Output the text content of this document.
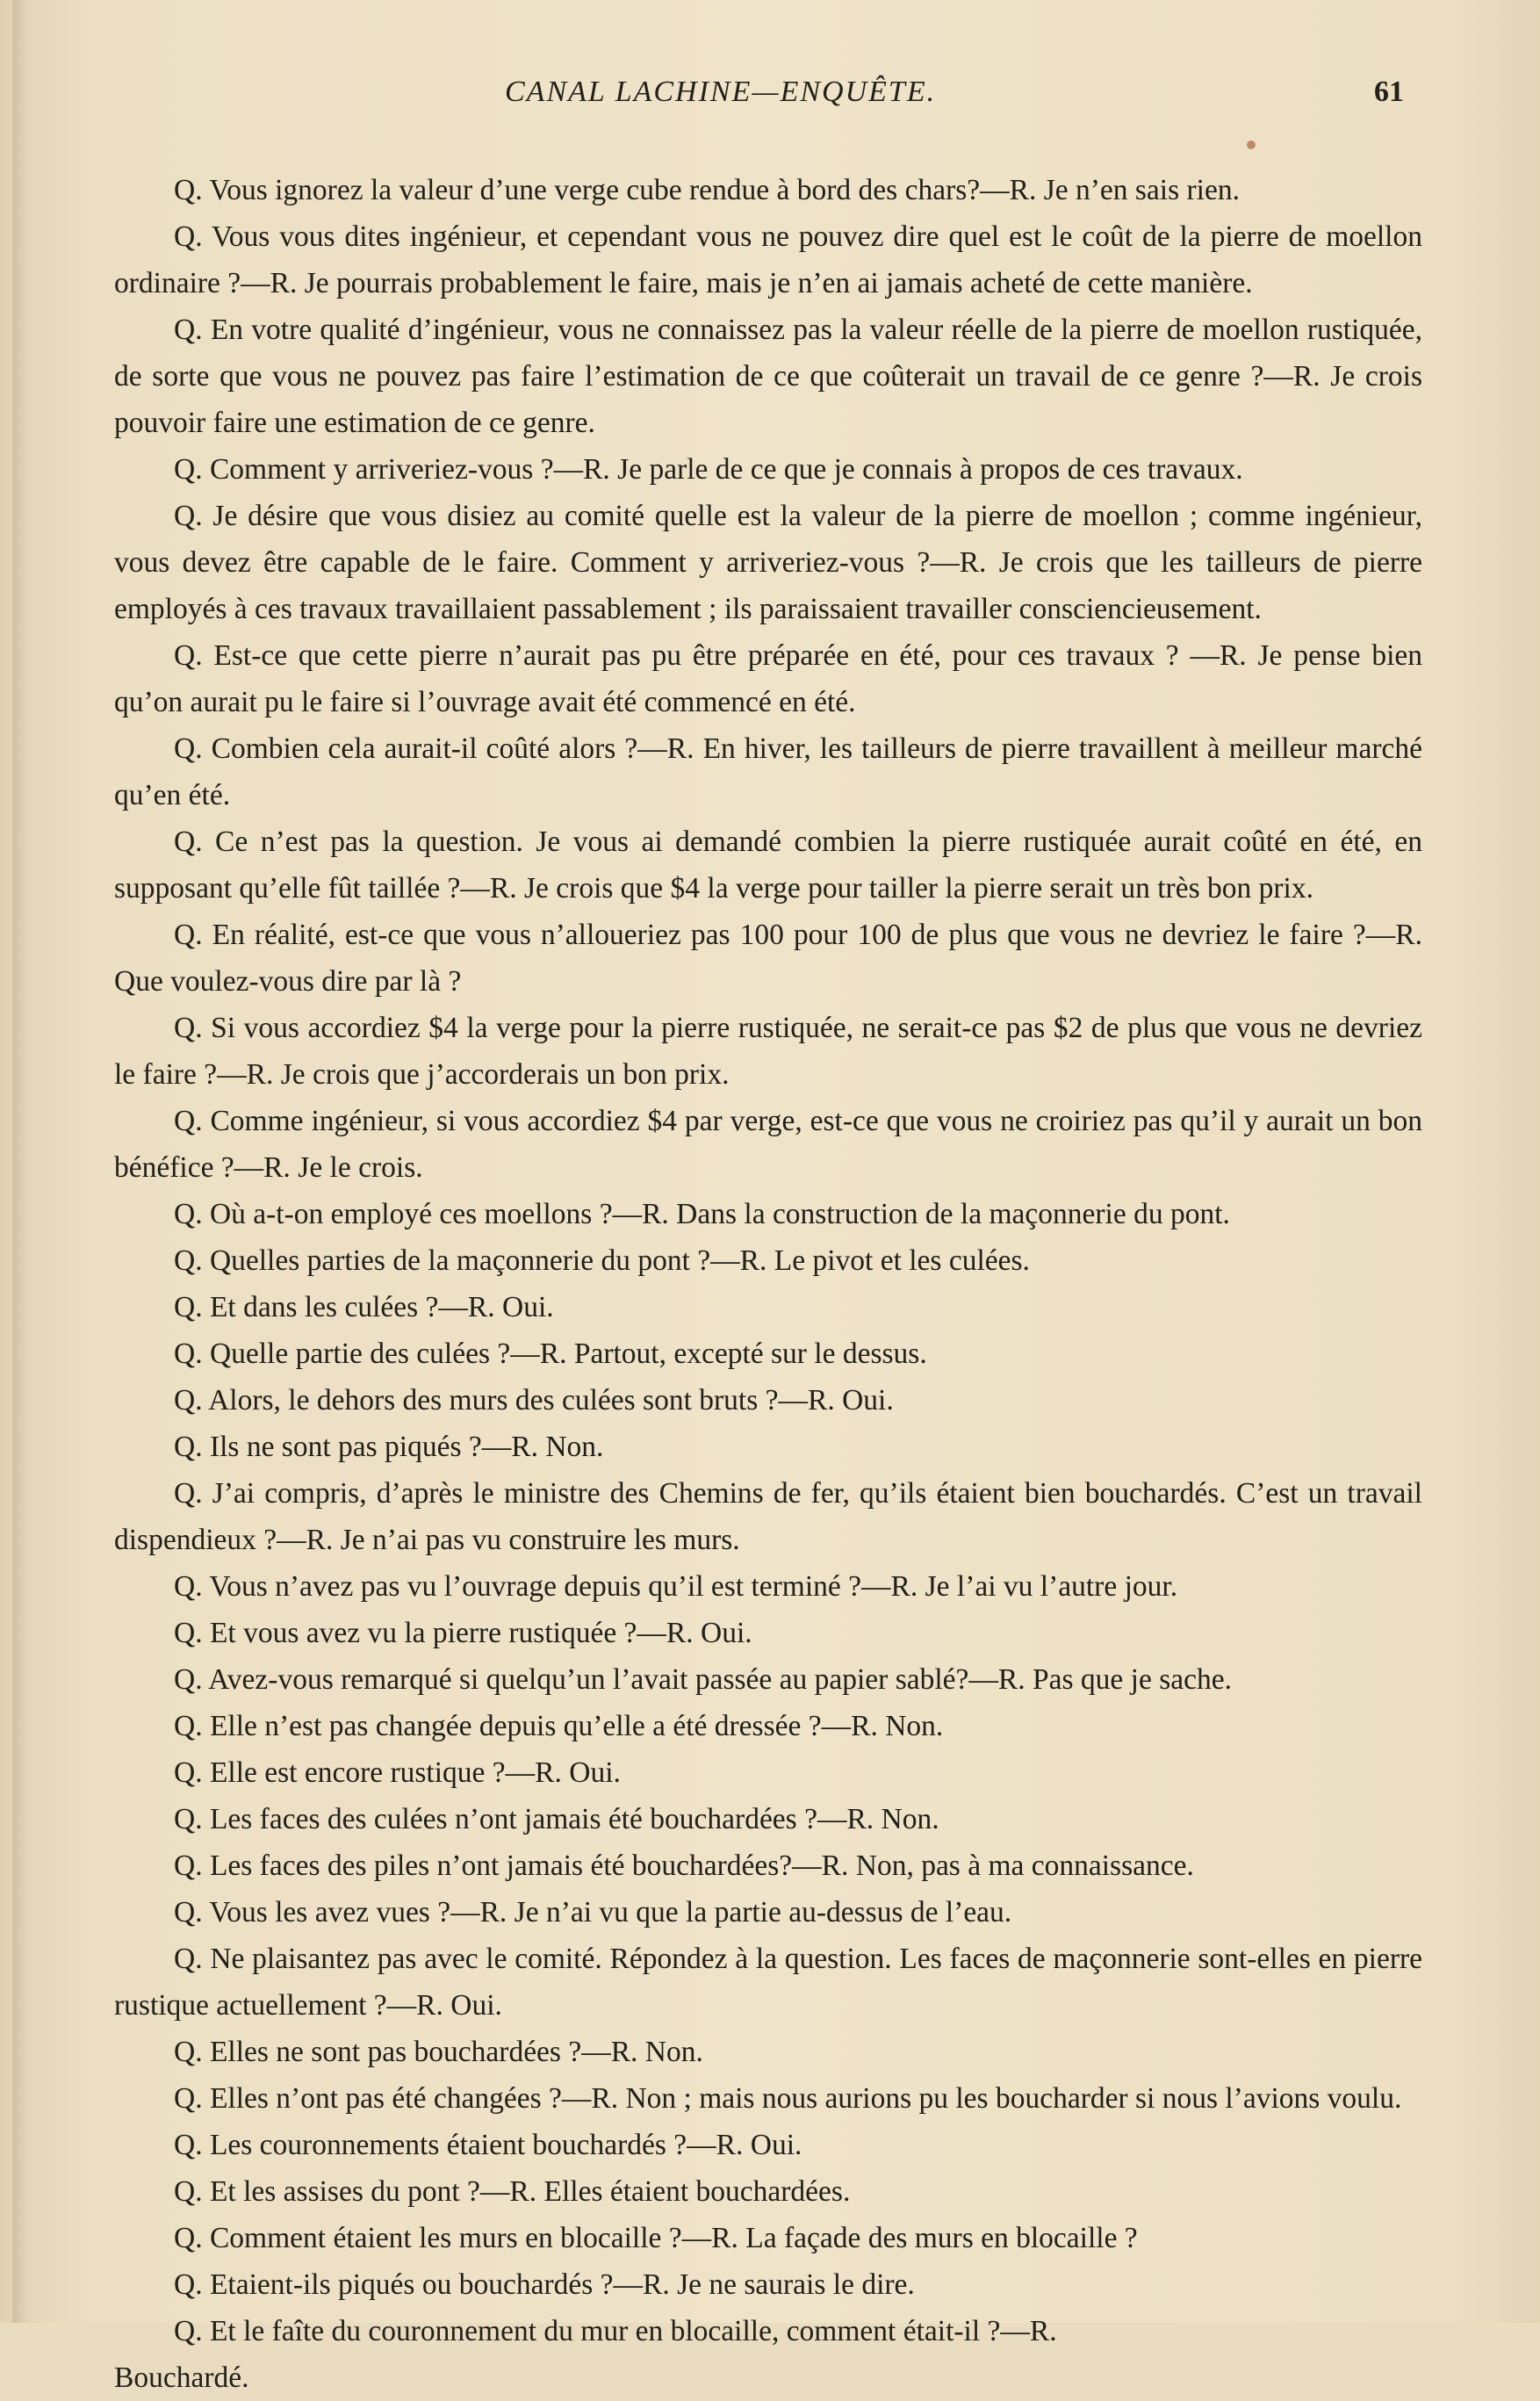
CANAL LACHINE—ENQUÊTE.	61

Q. Vous ignorez la valeur d’une verge cube rendue à bord des chars?—R. Je n’en sais rien.

Q. Vous vous dites ingénieur, et cependant vous ne pouvez dire quel est le coût de la pierre de moellon ordinaire ?—R. Je pourrais probablement le faire, mais je n’en ai jamais acheté de cette manière.

Q. En votre qualité d’ingénieur, vous ne connaissez pas la valeur réelle de la pierre de moellon rustiquée, de sorte que vous ne pouvez pas faire l’estimation de ce que coûterait un travail de ce genre ?—R. Je crois pouvoir faire une estimation de ce genre.

Q. Comment y arriveriez-vous ?—R. Je parle de ce que je connais à propos de ces travaux.

Q. Je désire que vous disiez au comité quelle est la valeur de la pierre de moellon ; comme ingénieur, vous devez être capable de le faire. Comment y arriveriez-vous ?—R. Je crois que les tailleurs de pierre employés à ces travaux travaillaient passablement ; ils paraissaient travailler consciencieusement.

Q. Est-ce que cette pierre n’aurait pas pu être préparée en été, pour ces travaux ? —R. Je pense bien qu’on aurait pu le faire si l’ouvrage avait été commencé en été.

Q. Combien cela aurait-il coûté alors ?—R. En hiver, les tailleurs de pierre travaillent à meilleur marché qu’en été.

Q. Ce n’est pas la question. Je vous ai demandé combien la pierre rustiquée aurait coûté en été, en supposant qu’elle fût taillée ?—R. Je crois que $4 la verge pour tailler la pierre serait un très bon prix.

Q. En réalité, est-ce que vous n’alloueriez pas 100 pour 100 de plus que vous ne devriez le faire ?—R. Que voulez-vous dire par là ?

Q. Si vous accordiez $4 la verge pour la pierre rustiquée, ne serait-ce pas $2 de plus que vous ne devriez le faire ?—R. Je crois que j’accorderais un bon prix.

Q. Comme ingénieur, si vous accordiez $4 par verge, est-ce que vous ne croiriez pas qu’il y aurait un bon bénéfice ?—R. Je le crois.

Q. Où a-t-on employé ces moellons ?—R. Dans la construction de la maçonnerie du pont.

Q. Quelles parties de la maçonnerie du pont ?—R. Le pivot et les culées.

Q. Et dans les culées ?—R. Oui.

Q. Quelle partie des culées ?—R. Partout, excepté sur le dessus.

Q. Alors, le dehors des murs des culées sont bruts ?—R. Oui.

Q. Ils ne sont pas piqués ?—R. Non.

Q. J’ai compris, d’après le ministre des Chemins de fer, qu’ils étaient bien bouchardés. C’est un travail dispendieux ?—R. Je n’ai pas vu construire les murs.

Q. Vous n’avez pas vu l’ouvrage depuis qu’il est terminé ?—R. Je l’ai vu l’autre jour.

Q. Et vous avez vu la pierre rustiquée ?—R. Oui.

Q. Avez-vous remarqué si quelqu’un l’avait passée au papier sablé?—R. Pas que je sache.

Q. Elle n’est pas changée depuis qu’elle a été dressée ?—R. Non.

Q. Elle est encore rustique ?—R. Oui.

Q. Les faces des culées n’ont jamais été bouchardées ?—R. Non.

Q. Les faces des piles n’ont jamais été bouchardées?—R. Non, pas à ma connaissance.

Q. Vous les avez vues ?—R. Je n’ai vu que la partie au-dessus de l’eau.

Q. Ne plaisantez pas avec le comité. Répondez à la question. Les faces de maçonnerie sont-elles en pierre rustique actuellement ?—R. Oui.

Q. Elles ne sont pas bouchardées ?—R. Non.

Q. Elles n’ont pas été changées ?—R. Non ; mais nous aurions pu les boucharder si nous l’avions voulu.

Q. Les couronnements étaient bouchardés ?—R. Oui.

Q. Et les assises du pont ?—R. Elles étaient bouchardées.

Q. Comment étaient les murs en blocaille ?—R. La façade des murs en blocaille ?

Q. Etaient-ils piqués ou bouchardés ?—R. Je ne saurais le dire.

Q. Et le faîte du couronnement du mur en blocaille, comment était-il ?—R.

Bouchardé.
